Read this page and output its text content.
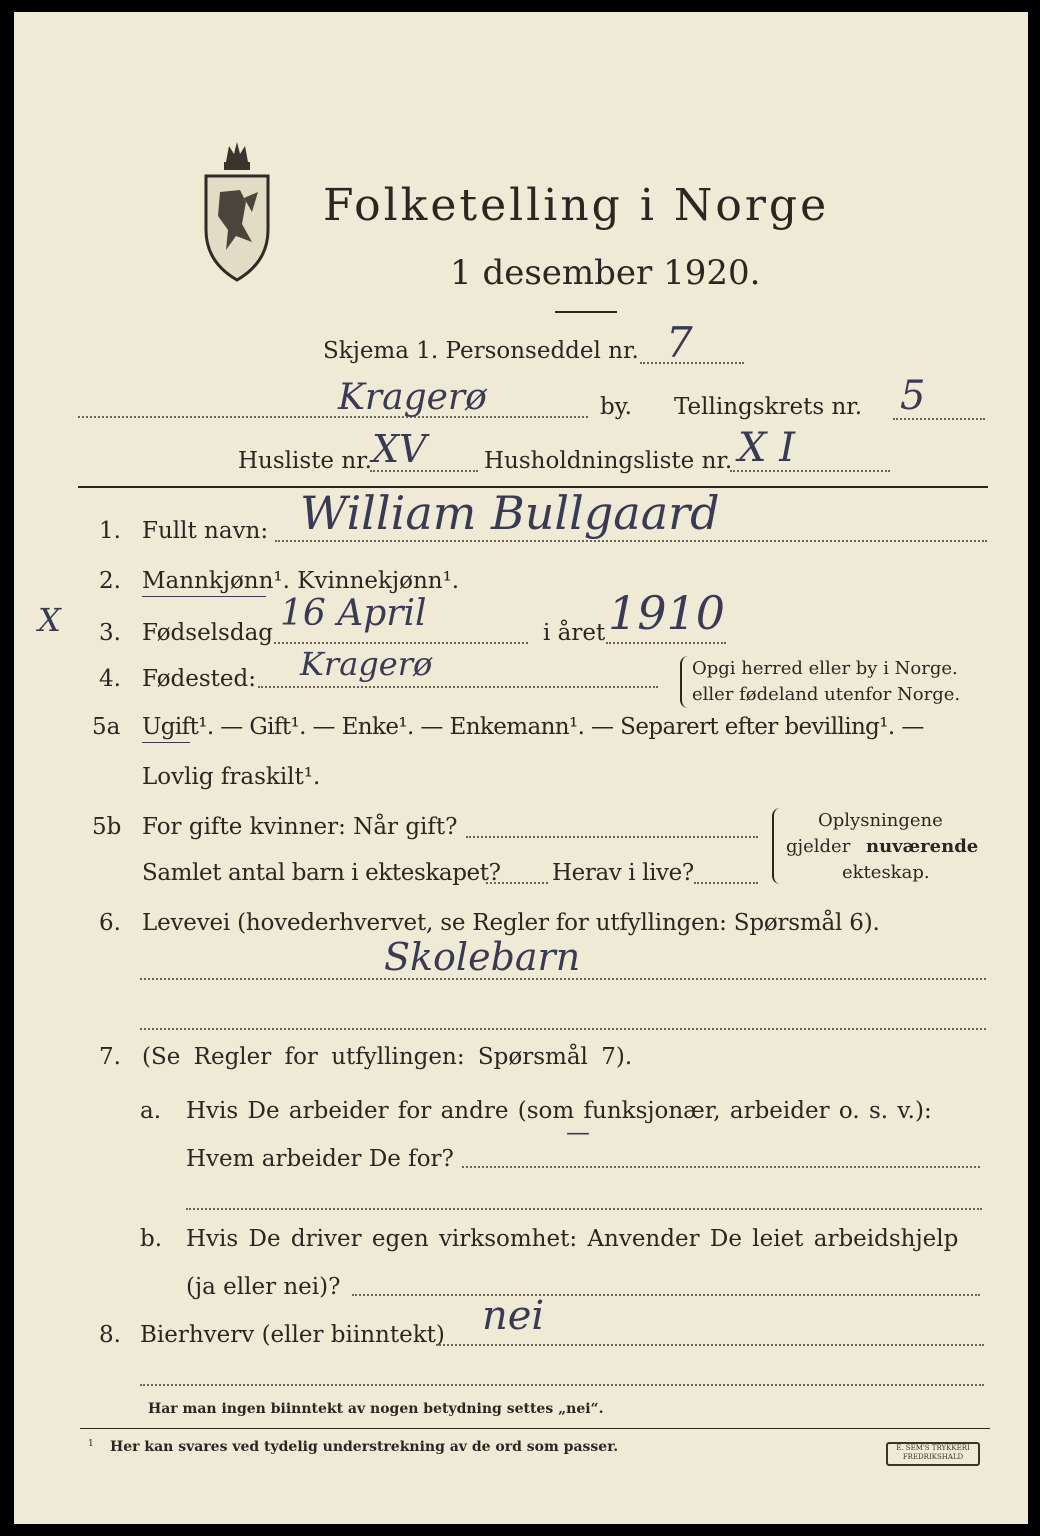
Folketelling i Norge
1 desember 1920.
Skjema 1. Personseddel nr. 7
Kragerø	by. Tellingskrets nr. 5
Husliste nr. XV	Husholdningsliste nr. X I
1. Fullt navn: William Bullgaard
2. Mannkjønn¹. Kvinnekjønn¹.
X 3. Fødselsdag 16 April	i året 1910
4. Fødested: Kragerø	Opgi herred eller by i Norge.
eller fødeland utenfor Norge.
5a Ugift¹. — Gift¹. — Enke¹. — Enkemann¹. — Separert efter bevilling¹. —
Lovlig fraskilt¹.
5b For gifte kvinner: Når gift?
Samlet antal barn i ekteskapet? Herav i live?
Oplysningene
gjelder nuværende
ekteskap.
6. Levevei (hovederhvervet, se Regler for utfyllingen: Spørsmål 6).
Skolebarn
7. (Se Regler for utfyllingen: Spørsmål 7).
a. Hvis De arbeider for andre (som funksjonær, arbeider o. s. v.):
Hvem arbeider De for?
—
b. Hvis De driver egen virksomhet: Anvender De leiet arbeidshjelp
(ja eller nei)?
8. Bierhverv (eller biinntekt) nei
Har man ingen biinntekt av nogen betydning settes „nei“.
1 Her kan svares ved tydelig understrekning av de ord som passer.	E. SEM'S TRYKKERI
FREDRIKSHALD
